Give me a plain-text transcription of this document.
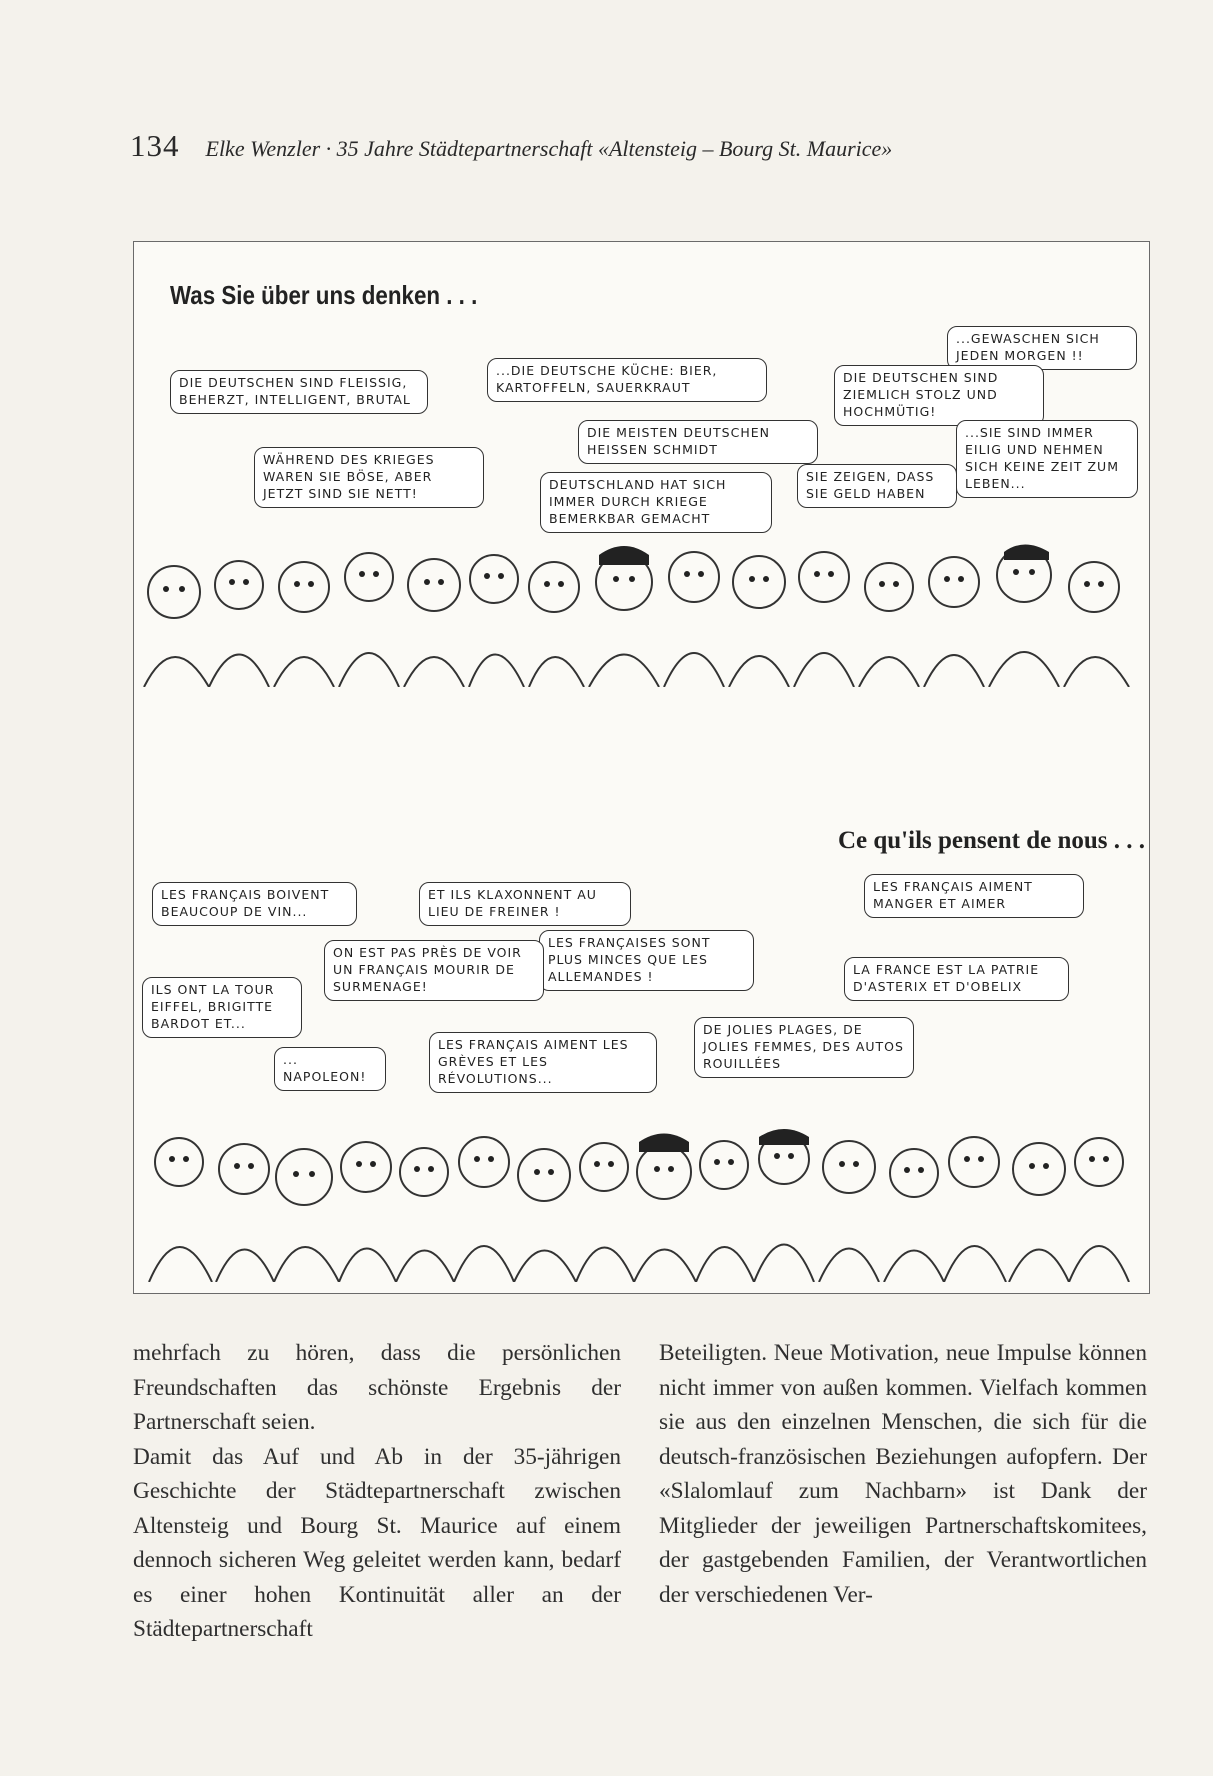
134 Elke Wenzler · 35 Jahre Städtepartnerschaft «Altensteig – Bourg St. Maurice»
Was Sie über uns denken . . .
DIE DEUTSCHEN SIND FLEISSIG, BEHERZT, INTELLIGENT, BRUTAL
...DIE DEUTSCHE KÜCHE: BIER, KARTOFFELN, SAUERKRAUT
...GEWASCHEN SICH JEDEN MORGEN !!
DIE DEUTSCHEN SIND ZIEMLICH STOLZ UND HOCHMÜTIG!
DIE MEISTEN DEUTSCHEN HEISSEN SCHMIDT
WÄHREND DES KRIEGES WAREN SIE BÖSE, ABER JETZT SIND SIE NETT!
...SIE SIND IMMER EILIG UND NEHMEN SICH KEINE ZEIT ZUM LEBEN...
DEUTSCHLAND HAT SICH IMMER DURCH KRIEGE BEMERKBAR GEMACHT
SIE ZEIGEN, DASS SIE GELD HABEN
Ce qu'ils pensent de nous . . .
LES FRANÇAIS BOIVENT BEAUCOUP DE VIN...
ET ILS KLAXONNENT AU LIEU DE FREINER !
LES FRANÇAIS AIMENT MANGER ET AIMER
LES FRANÇAISES SONT PLUS MINCES QUE LES ALLEMANDES !
ON EST PAS PRÈS DE VOIR UN FRANÇAIS MOURIR DE SURMENAGE!
LA FRANCE EST LA PATRIE D'ASTERIX ET D'OBELIX
ILS ONT LA TOUR EIFFEL, BRIGITTE BARDOT ET...	DE JOLIES PLAGES, DE JOLIES FEMMES, DES AUTOS ROUILLÉES
... NAPOLEON!
LES FRANÇAIS AIMENT LES GRÈVES ET LES RÉVOLUTIONS...

mehrfach zu hören, dass die persönlichen Freundschaften das schönste Ergebnis der Partnerschaft seien.
Damit das Auf und Ab in der 35-jährigen Geschichte der Städtepartnerschaft zwischen Altensteig und Bourg St. Maurice auf einem dennoch sicheren Weg geleitet werden kann, bedarf es einer hohen Kontinuität aller an der Städtepartnerschaft

Beteiligten. Neue Motivation, neue Impulse können nicht immer von außen kommen. Vielfach kommen sie aus den einzelnen Menschen, die sich für die deutsch-französischen Beziehungen aufopfern. Der «Slalomlauf zum Nachbarn» ist Dank der Mitglieder der jeweiligen Partnerschaftskomitees, der gastgebenden Familien, der Verantwortlichen der verschiedenen Ver-
